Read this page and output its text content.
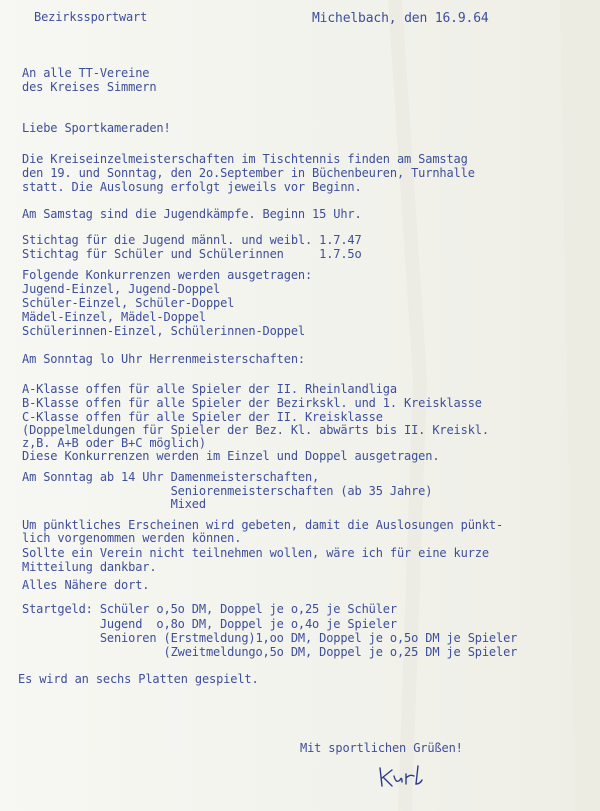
Bezirkssportwart	Michelbach, den 16.9.64
An alle TT-Vereine
des Kreises Simmern
Liebe Sportkameraden!
Die Kreiseinzelmeisterschaften im Tischtennis finden am Samstag
den 19. und Sonntag, den 2o.September in Büchenbeuren, Turnhalle
statt. Die Auslosung erfolgt jeweils vor Beginn.
Am Samstag sind die Jugendkämpfe. Beginn 15 Uhr.
Stichtag für die Jugend männl. und weibl. 1.7.47
Stichtag für Schüler und Schülerinnen     1.7.5o
Folgende Konkurrenzen werden ausgetragen:
Jugend-Einzel, Jugend-Doppel
Schüler-Einzel, Schüler-Doppel
Mädel-Einzel, Mädel-Doppel
Schülerinnen-Einzel, Schülerinnen-Doppel
Am Sonntag lo Uhr Herrenmeisterschaften:
A-Klasse offen für alle Spieler der II. Rheinlandliga
B-Klasse offen für alle Spieler der Bezirkskl. und 1. Kreisklasse
C-Klasse offen für alle Spieler der II. Kreisklasse
(Doppelmeldungen für Spieler der Bez. Kl. abwärts bis II. Kreiskl.
z,B. A+B oder B+C möglich)
Diese Konkurrenzen werden im Einzel und Doppel ausgetragen.
Am Sonntag ab 14 Uhr Damenmeisterschaften,
Seniorenmeisterschaften (ab 35 Jahre)
Mixed
Um pünktliches Erscheinen wird gebeten, damit die Auslosungen pünkt-
lich vorgenommen werden können.
Sollte ein Verein nicht teilnehmen wollen, wäre ich für eine kurze
Mitteilung dankbar.
Alles Nähere dort.
Startgeld: Schüler o,5o DM, Doppel je o,25 je Schüler
Jugend  o,8o DM, Doppel je o,4o je Spieler
Senioren (Erstmeldung)1,oo DM, Doppel je o,5o DM je Spieler
(Zweitmeldungo,5o DM, Doppel je o,25 DM je Spieler
Es wird an sechs Platten gespielt.
Mit sportlichen Grüßen!
